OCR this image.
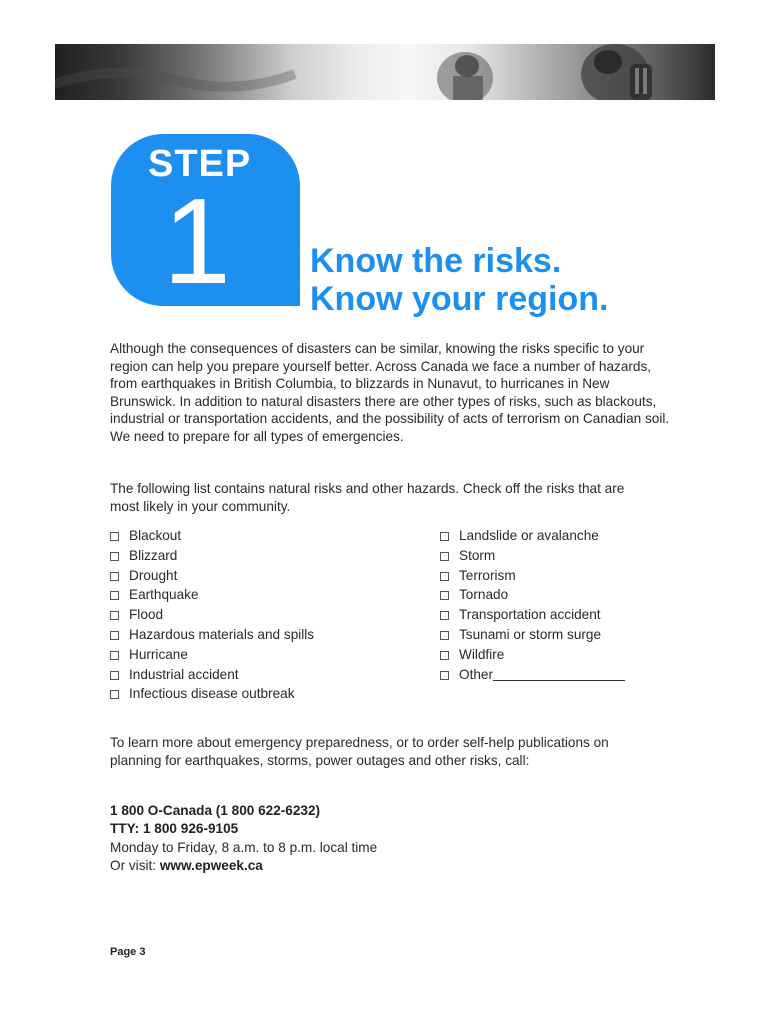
STEP
1 Know the risks.
Know your region.

Although the consequences of disasters can be similar, knowing the risks specific to your region can help you prepare yourself better. Across Canada we face a number of hazards, from earthquakes in British Columbia, to blizzards in Nunavut, to hurricanes in New Brunswick. In addition to natural disasters there are other types of risks, such as blackouts, industrial or transportation accidents, and the possibility of acts of terrorism on Canadian soil. We need to prepare for all types of emergencies.

The following list contains natural risks and other hazards. Check off the risks that are most likely in your community.

Blackout
Blizzard
Drought
Earthquake
Flood
Hazardous materials and spills
Hurricane
Industrial accident
Infectious disease outbreak
Landslide or avalanche
Storm
Terrorism
Tornado
Transportation accident
Tsunami or storm surge
Wildfire
Other

To learn more about emergency preparedness, or to order self-help publications on planning for earthquakes, storms, power outages and other risks, call:

1 800 O-Canada (1 800 622-6232)
TTY: 1 800 926-9105
Monday to Friday, 8 a.m. to 8 p.m. local time
Or visit: www.epweek.ca
Page 3
